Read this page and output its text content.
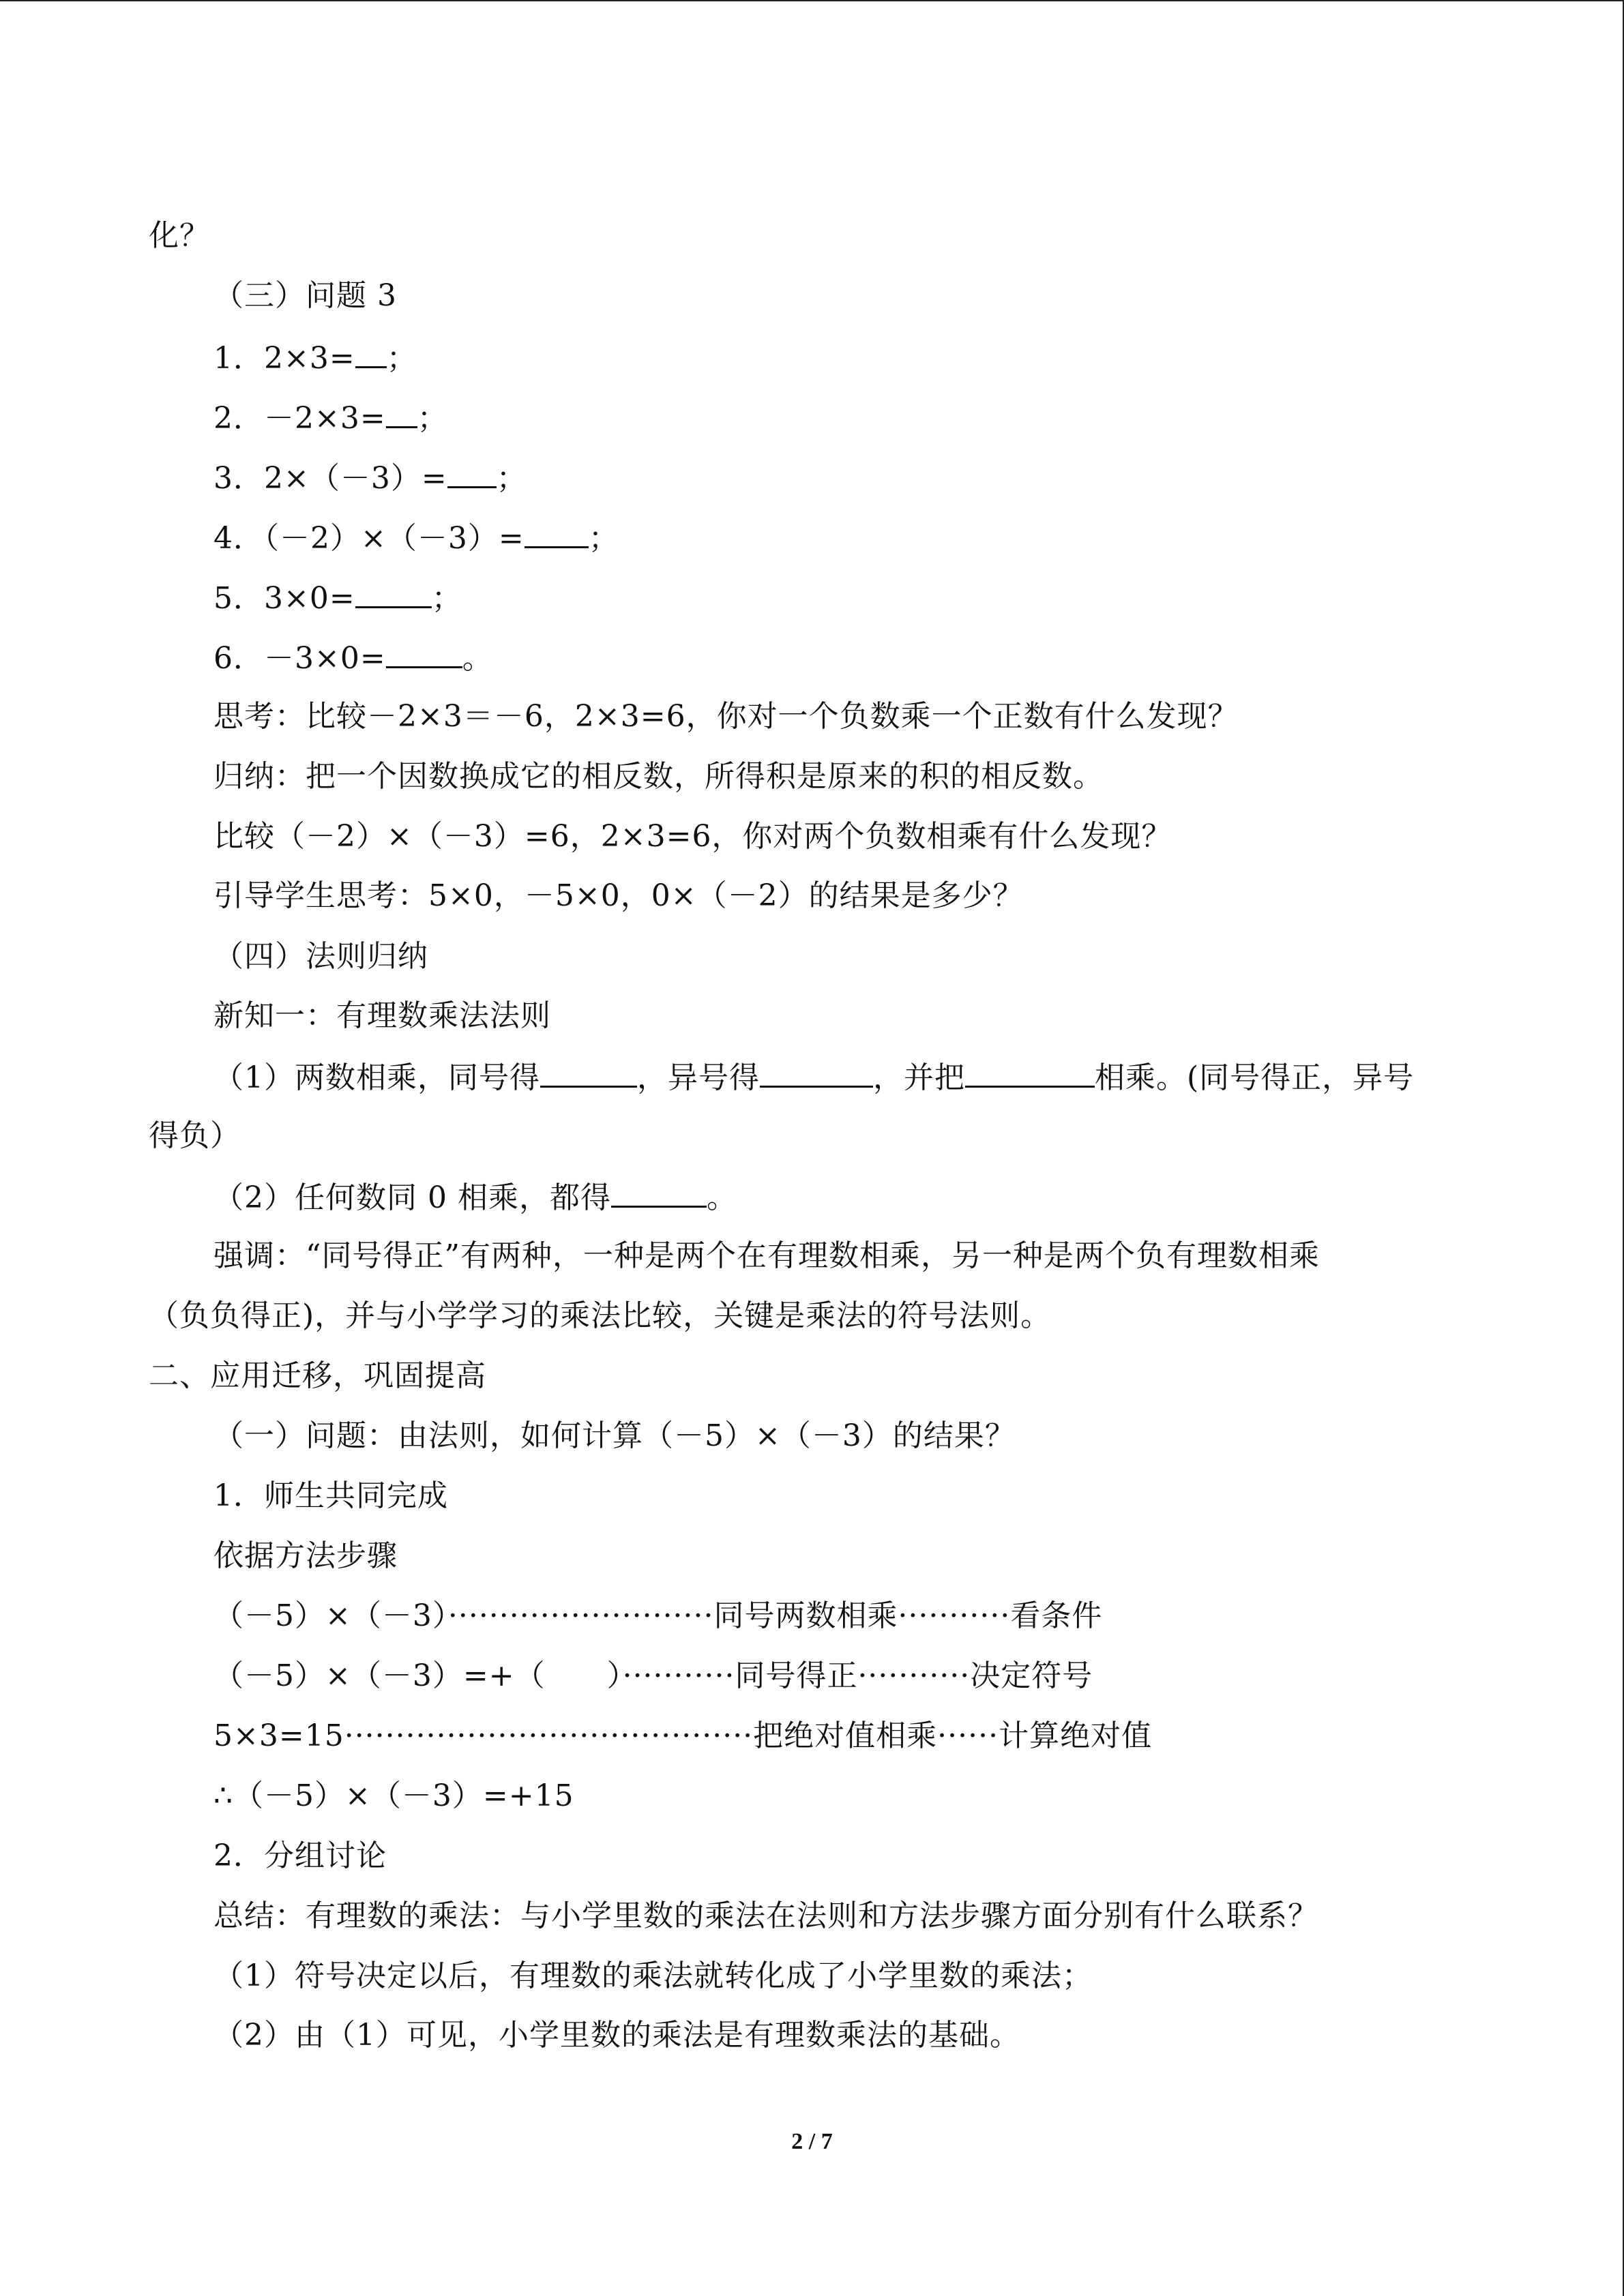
化？
（三）问题 3
1．2×3= ；
2．－2×3= ；
3．2×（－3）= ；
4．（－2）×（－3）= ；
5．3×0=	；
6．－3×0=	。
思考：比较－2×3＝－6，2×3=6，你对一个负数乘一个正数有什么发现？
归纳：把一个因数换成它的相反数，所得积是原来的积的相反数。
比较（－2）×（－3）=6，2×3=6，你对两个负数相乘有什么发现？
引导学生思考：5×0，－5×0，0×（－2）的结果是多少？
（四）法则归纳
新知一：有理数乘法法则
（1）两数相乘，同号得	，异号得	，并把	相乘。(同号得正，异号
得负）
（2）任何数同 0 相乘，都得	。
强调：“同号得正”有两种，一种是两个在有理数相乘，另一种是两个负有理数相乘
（负负得正)，并与小学学习的乘法比较，关键是乘法的符号法则。
二、应用迁移，巩固提高
（一）问题：由法则，如何计算（－5）×（－3）的结果？
1．师生共同完成
依据方法步骤
（－5）×（－3）··························同号两数相乘···········看条件
（－5）×（－3）=+（　　）···········同号得正···········决定符号
5×3=15········································把绝对值相乘······计算绝对值
∴（－5）×（－3）=+15
2．分组讨论
总结：有理数的乘法：与小学里数的乘法在法则和方法步骤方面分别有什么联系？
（1）符号决定以后，有理数的乘法就转化成了小学里数的乘法；
（2）由（1）可见，小学里数的乘法是有理数乘法的基础。
2 / 7
